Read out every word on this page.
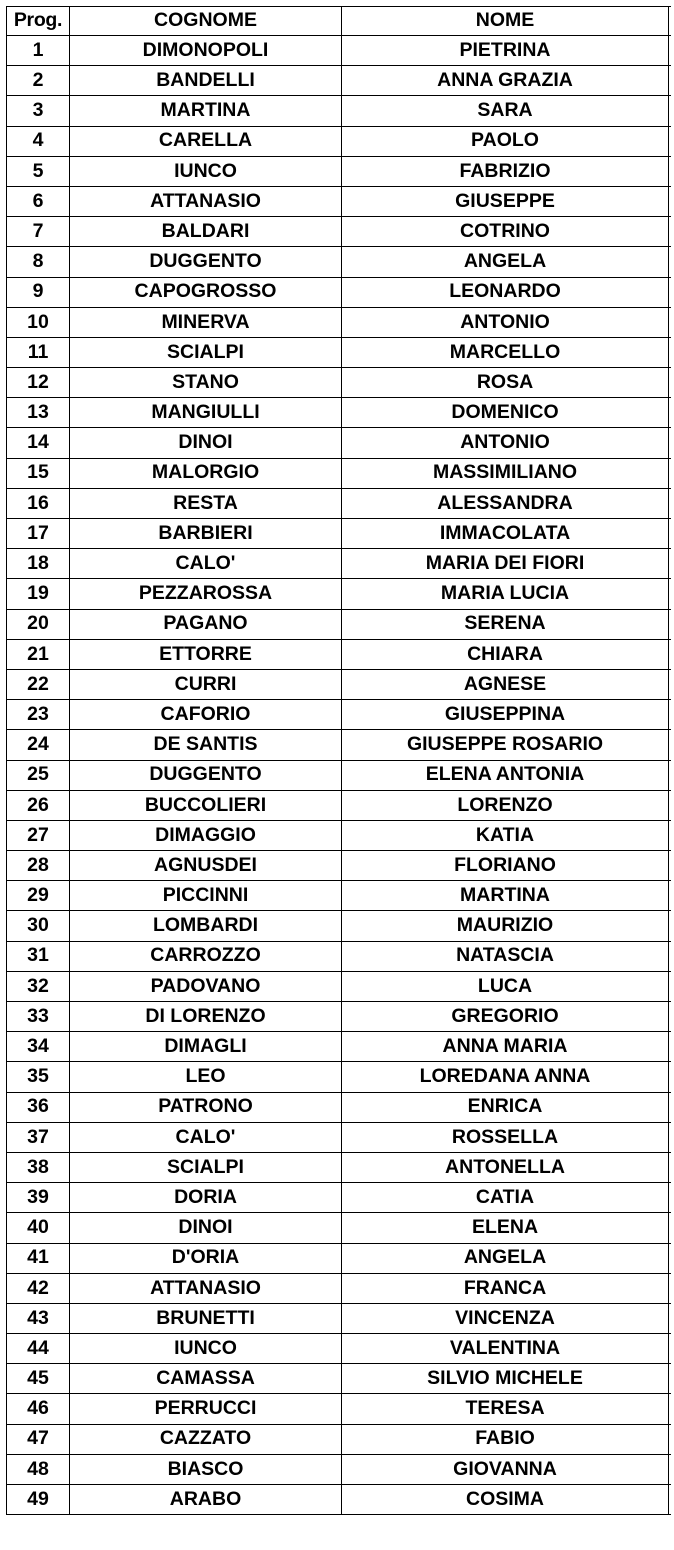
Prog.	COGNOME	NOME	
1	DIMONOPOLI	PIETRINA	
2	BANDELLI	ANNA GRAZIA	
3	MARTINA	SARA	
4	CARELLA	PAOLO	
5	IUNCO	FABRIZIO	
6	ATTANASIO	GIUSEPPE	
7	BALDARI	COTRINO	
8	DUGGENTO	ANGELA	
9	CAPOGROSSO	LEONARDO	
10	MINERVA	ANTONIO	
11	SCIALPI	MARCELLO	
12	STANO	ROSA	
13	MANGIULLI	DOMENICO	
14	DINOI	ANTONIO	
15	MALORGIO	MASSIMILIANO	
16	RESTA	ALESSANDRA	
17	BARBIERI	IMMACOLATA	
18	CALO'	MARIA DEI FIORI	
19	PEZZAROSSA	MARIA LUCIA	
20	PAGANO	SERENA	
21	ETTORRE	CHIARA	
22	CURRI	AGNESE	
23	CAFORIO	GIUSEPPINA	
24	DE SANTIS	GIUSEPPE ROSARIO	
25	DUGGENTO	ELENA ANTONIA	
26	BUCCOLIERI	LORENZO	
27	DIMAGGIO	KATIA	
28	AGNUSDEI	FLORIANO	
29	PICCINNI	MARTINA	
30	LOMBARDI	MAURIZIO	
31	CARROZZO	NATASCIA	
32	PADOVANO	LUCA	
33	DI LORENZO	GREGORIO	
34	DIMAGLI	ANNA MARIA	
35	LEO	LOREDANA ANNA	
36	PATRONO	ENRICA	
37	CALO'	ROSSELLA	
38	SCIALPI	ANTONELLA	
39	DORIA	CATIA	
40	DINOI	ELENA	
41	D'ORIA	ANGELA	
42	ATTANASIO	FRANCA	
43	BRUNETTI	VINCENZA	
44	IUNCO	VALENTINA	
45	CAMASSA	SILVIO MICHELE	
46	PERRUCCI	TERESA	
47	CAZZATO	FABIO	
48	BIASCO	GIOVANNA	
49	ARABO	COSIMA	
